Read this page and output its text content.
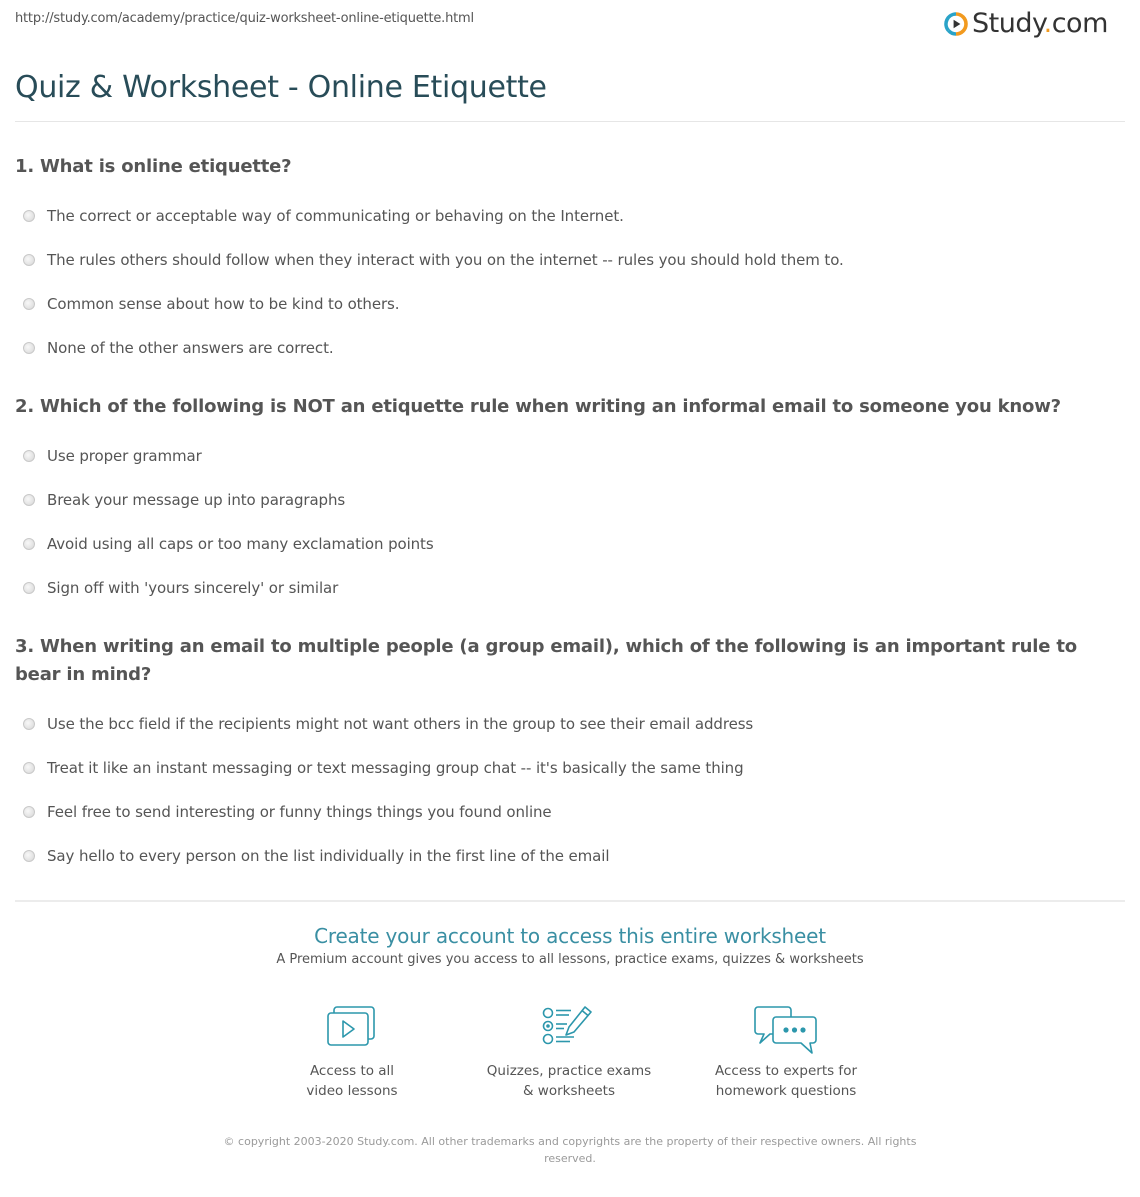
http://study.com/academy/practice/quiz-worksheet-online-etiquette.html	Study.com
Quiz & Worksheet - Online Etiquette
1. What is online etiquette?
The correct or acceptable way of communicating or behaving on the Internet.
The rules others should follow when they interact with you on the internet -- rules you should hold them to.
Common sense about how to be kind to others.
None of the other answers are correct.
2. Which of the following is NOT an etiquette rule when writing an informal email to someone you know?
Use proper grammar
Break your message up into paragraphs
Avoid using all caps or too many exclamation points
Sign off with 'yours sincerely' or similar
3. When writing an email to multiple people (a group email), which of the following is an important rule to bear in mind?
Use the bcc field if the recipients might not want others in the group to see their email address
Treat it like an instant messaging or text messaging group chat -- it's basically the same thing
Feel free to send interesting or funny things things you found online
Say hello to every person on the list individually in the first line of the email
Create your account to access this entire worksheet
A Premium account gives you access to all lessons, practice exams, quizzes & worksheets
Access to all
video lessons
Quizzes, practice exams
& worksheets
Access to experts for
homework questions
© copyright 2003-2020 Study.com. All other trademarks and copyrights are the property of their respective owners. All rights reserved.
